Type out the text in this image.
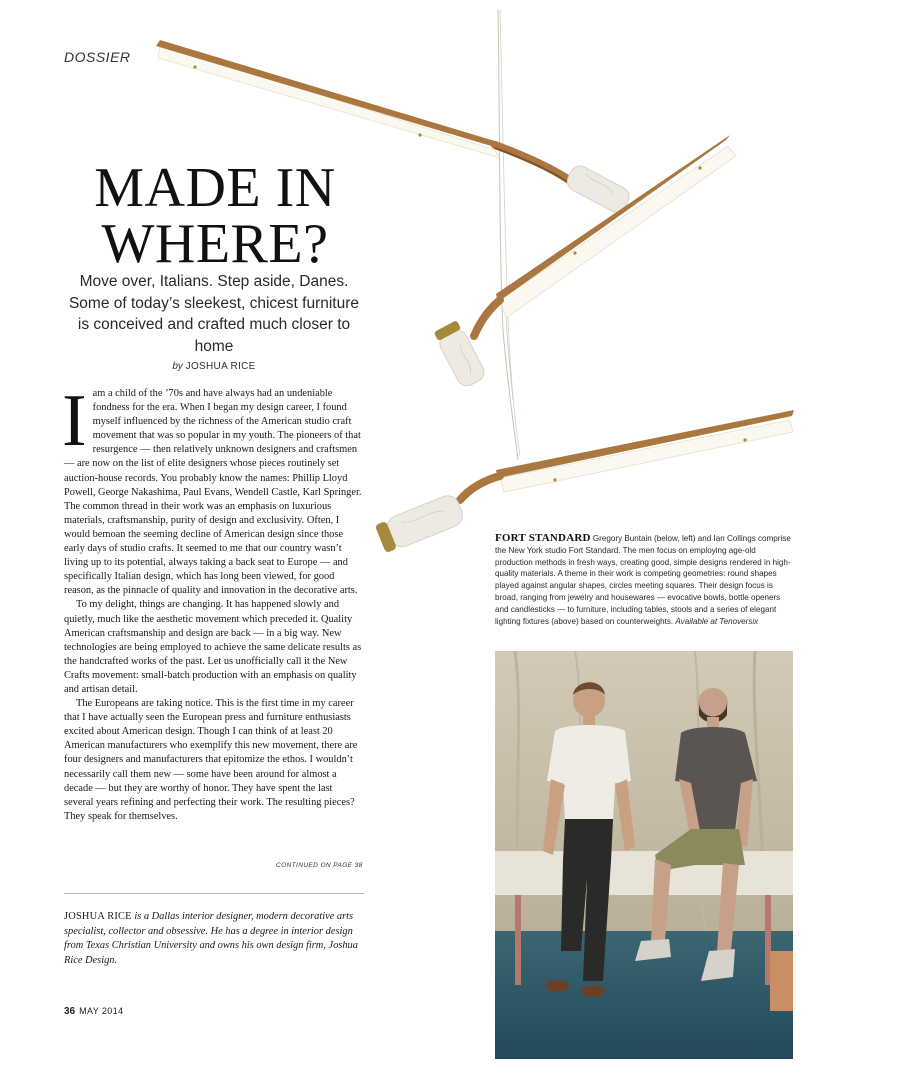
DOSSIER
MADE IN
WHERE?
Move over, Italians. Step aside, Danes. Some of today’s sleekest, chicest furniture is conceived and crafted much closer to home
by JOSHUA RICE

Iam a child of the ’70s and have always had an undeniable fondness for the era. When I began my design career, I found myself influenced by the richness of the American studio craft movement that was so popular in my youth. The pioneers of that resurgence — then relatively unknown designers and craftsmen — are now on the list of elite designers whose pieces routinely set auction-house records. You probably know the names: Phillip Lloyd Powell, George Nakashima, Paul Evans, Wendell Castle, Karl Springer. The common thread in their work was an emphasis on luxurious materials, craftsmanship, purity of design and exclusivity. Often, I would bemoan the seeming decline of American design since those early days of studio crafts. It seemed to me that our country wasn’t living up to its potential, always taking a back seat to Europe — and specifically Italian design, which has long been viewed, for good reason, as the pinnacle of quality and innovation in the decorative arts.

To my delight, things are changing. It has happened slowly and quietly, much like the aesthetic movement which preceded it. Quality American craftsmanship and design are back — in a big way. New technologies are being employed to achieve the same delicate results as the handcrafted works of the past. Let us unofficially call it the New Crafts movement: small-batch production with an emphasis on quality and artisan detail.

The Europeans are taking notice. This is the first time in my career that I have actually seen the European press and furniture enthusiasts excited about American design. Though I can think of at least 20 American manufacturers who exemplify this new movement, there are four designers and manufacturers that epitomize the ethos. I wouldn’t necessarily call them new — some have been around for almost a decade — but they are worthy of honor. They have spent the last several years refining and perfecting their work. The resulting pieces? They speak for themselves.

CONTINUED ON PAGE 38
JOSHUA RICE is a Dallas interior designer, modern decorative arts specialist, collector and obsessive. He has a degree in interior design from Texas Christian University and owns his own design firm, Joshua Rice Design.
36 MAY 2014
FORT STANDARD Gregory Buntain (below, left) and Ian Collings comprise the New York studio Fort Standard. The men focus on employing age-old production methods in fresh ways, creating good, simple designs rendered in high-quality materials. A theme in their work is competing geometries: round shapes played against angular shapes, circles meeting squares. Their design focus is broad, ranging from jewelry and housewares — evocative bowls, bottle openers and candlesticks — to furniture, including tables, stools and a series of elegant lighting fixtures (above) based on counterweights. Available at Tenoversix
